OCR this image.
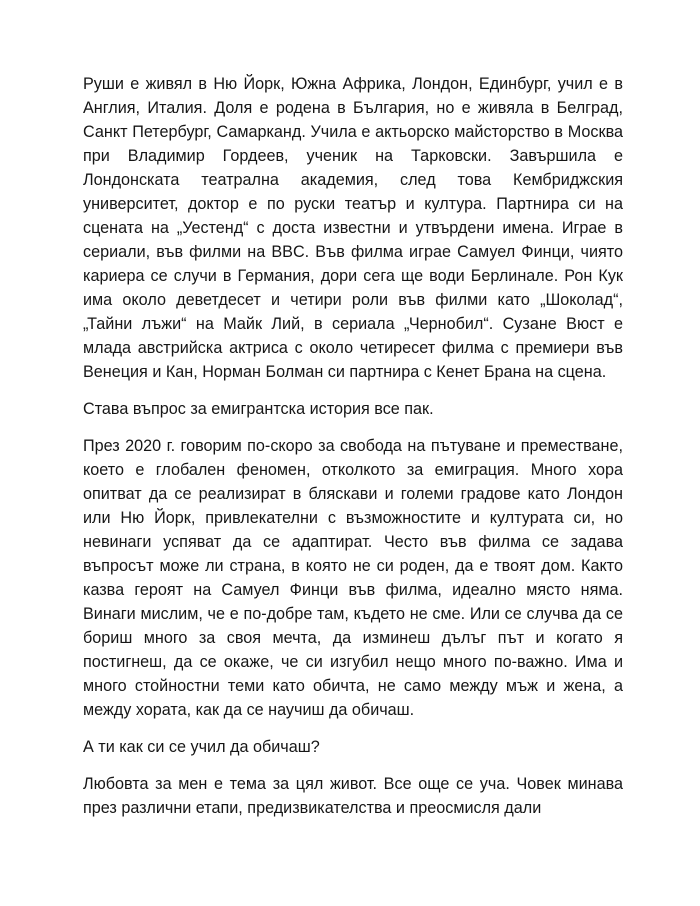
Руши е живял в Ню Йорк, Южна Африка, Лондон, Единбург, учил е в Англия, Италия. Доля е родена в България, но е живяла в Белград, Санкт Петербург, Самарканд. Учила е актьорско майсторство в Москва при Владимир Гордеев, ученик на Тарковски. Завършила е Лондонската театрална академия, след това Кембриджския университет, доктор е по руски театър и култура. Партнира си на сцената на „Уестенд“ с доста известни и утвърдени имена. Играе в сериали, във филми на BBC. Във филма играе Самуел Финци, чиято кариера се случи в Германия, дори сега ще води Берлинале. Рон Кук има около деветдесет и четири роли във филми като „Шоколад“, „Тайни лъжи“ на Майк Лий, в сериала „Чернобил“. Сузане Вюст е млада австрийска актриса с около четиресет филма с премиери във Венеция и Кан, Норман Болман си партнира с Кенет Брана на сцена.

Става въпрос за емигрантска история все пак.

През 2020 г. говорим по-скоро за свобода на пътуване и преместване, което е глобален феномен, отколкото за емиграция. Много хора опитват да се реализират в бляскави и големи градове като Лондон или Ню Йорк, привлекателни с възможностите и културата си, но невинаги успяват да се адаптират. Често във филма се задава въпросът може ли страна, в която не си роден, да е твоят дом. Както казва героят на Самуел Финци във филма, идеално място няма. Винаги мислим, че е по-добре там, където не сме. Или се случва да се бориш много за своя мечта, да изминеш дълъг път и когато я постигнеш, да се окаже, че си изгубил нещо много по-важно. Има и много стойностни теми като обичта, не само между мъж и жена, а между хората, как да се научиш да обичаш.

А ти как си се учил да обичаш?

Любовта за мен е тема за цял живот. Все още се уча. Човек минава през различни етапи, предизвикателства и преосмисля дали
